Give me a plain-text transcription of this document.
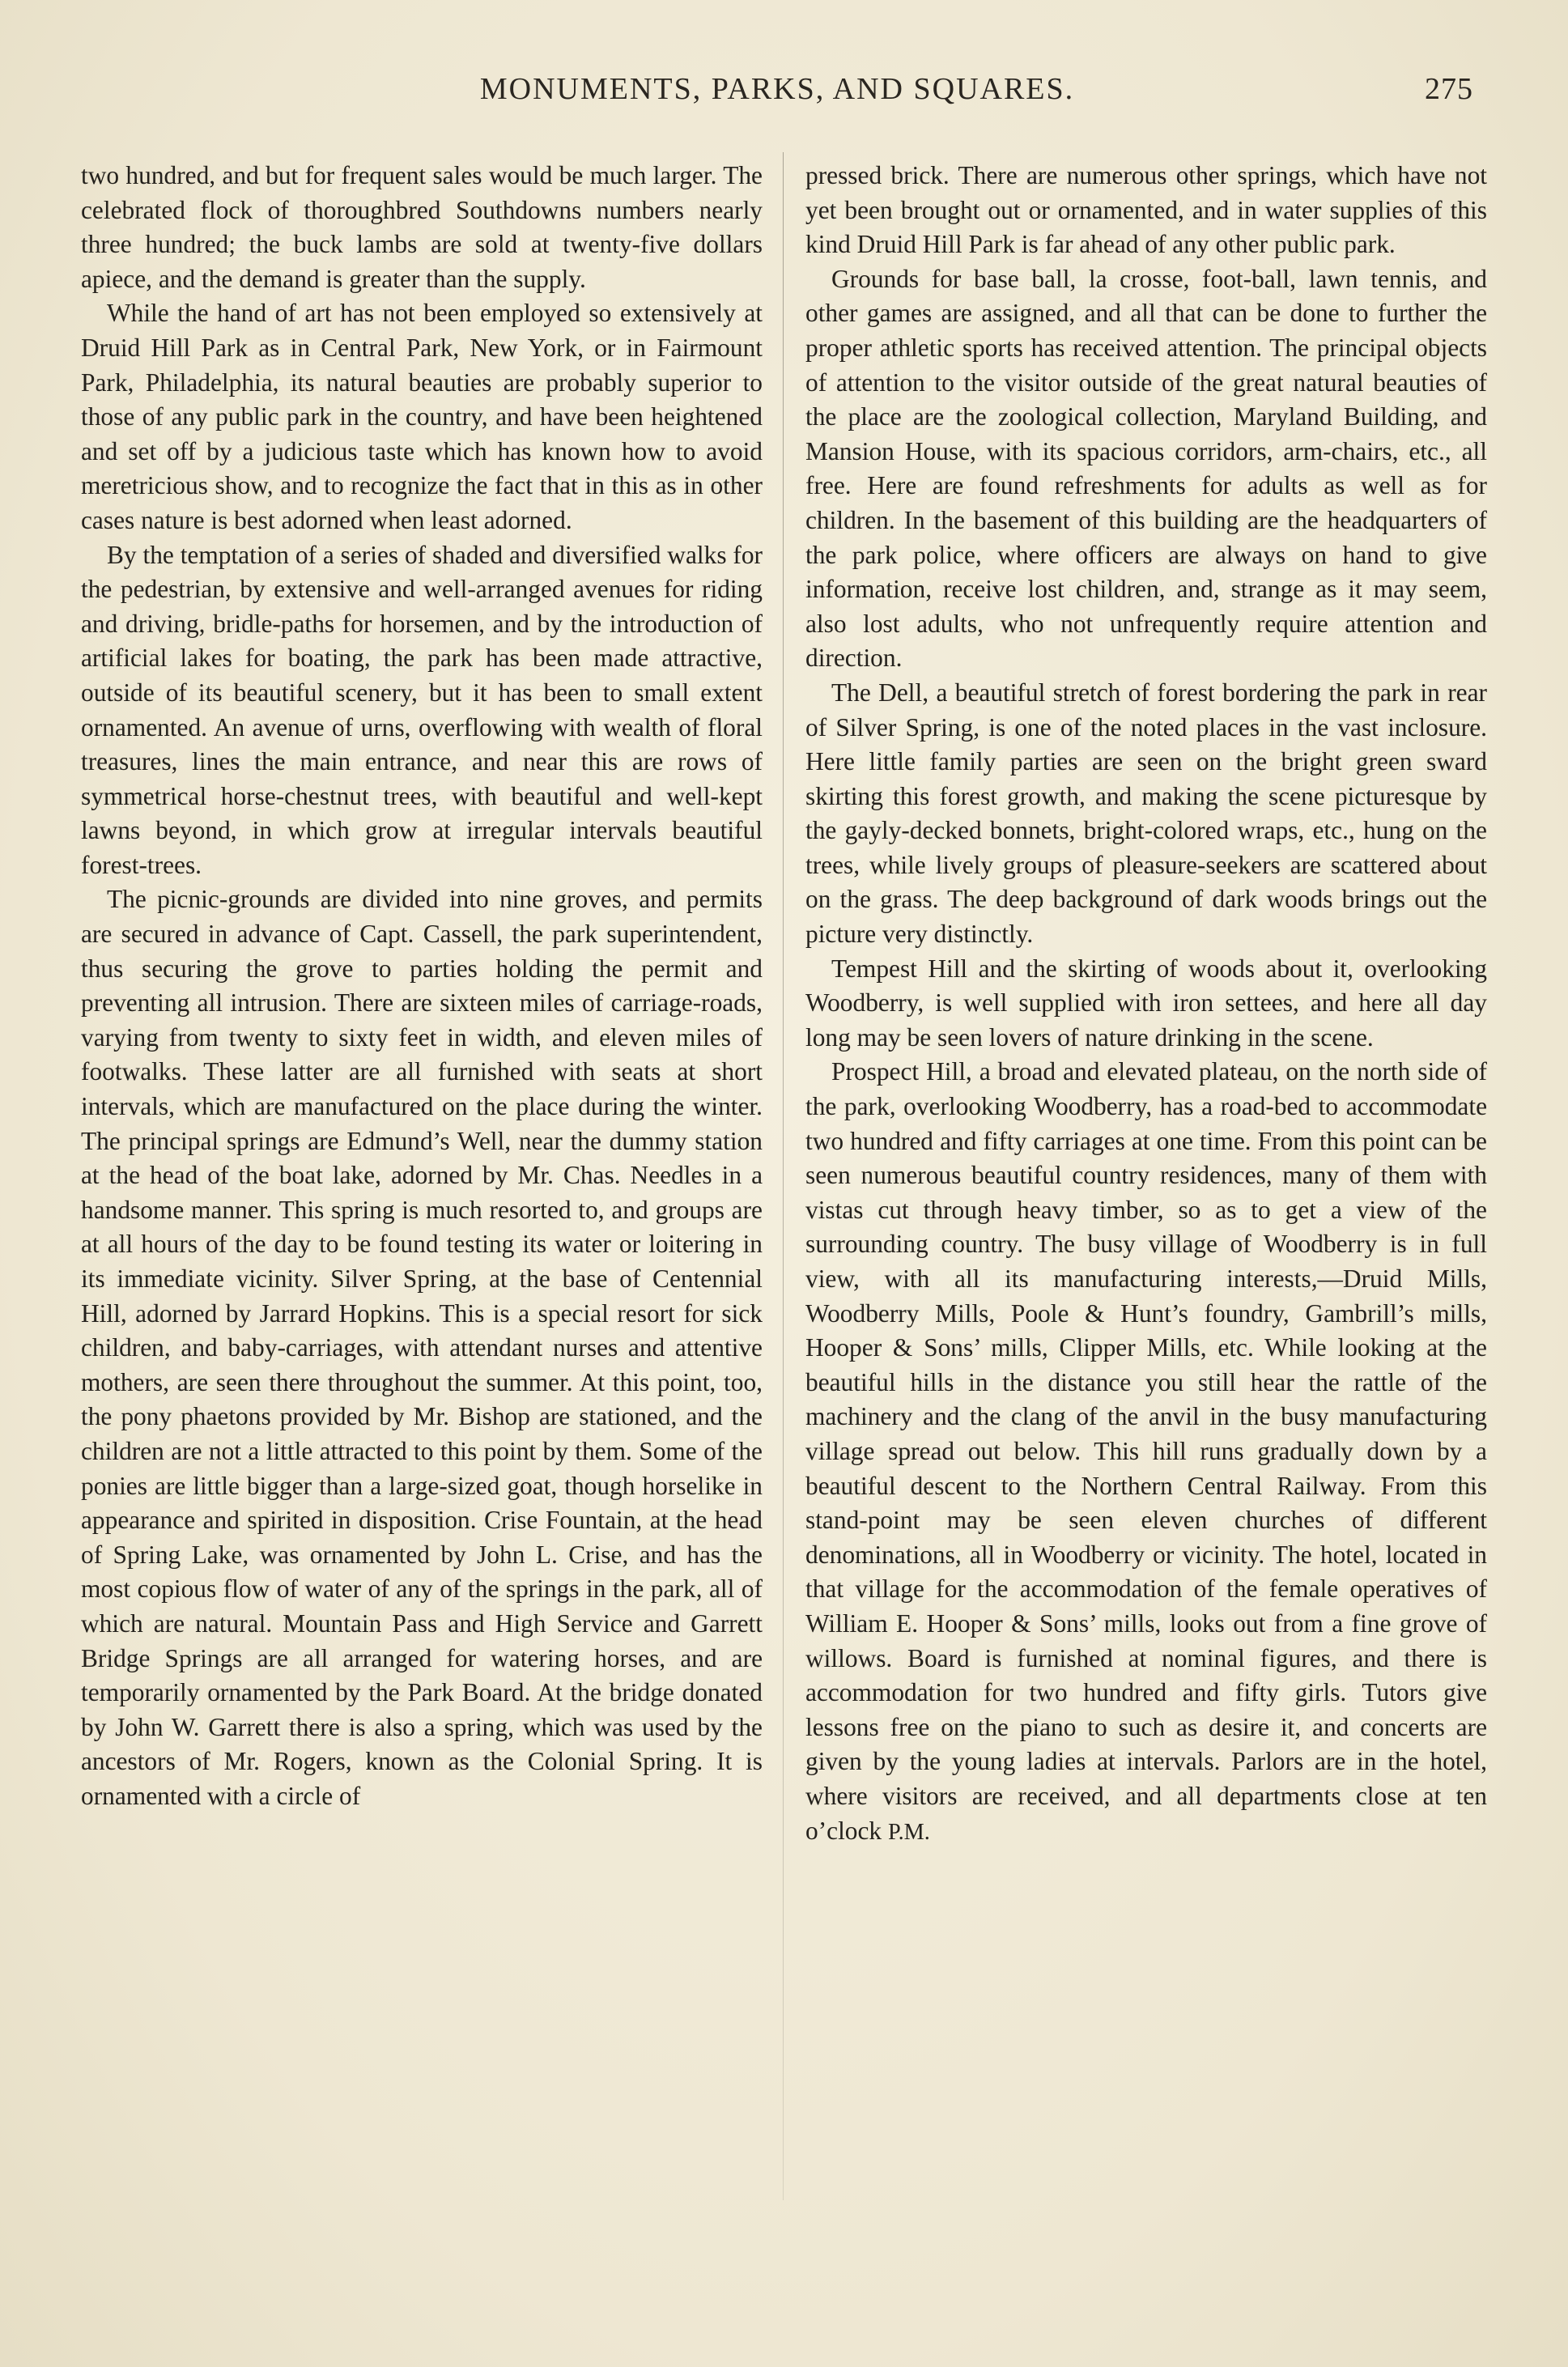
MONUMENTS, PARKS, AND SQUARES.	275

two hundred, and but for frequent sales would be much larger. The celebrated flock of thoroughbred Southdowns numbers nearly three hundred; the buck lambs are sold at twenty-five dollars apiece, and the demand is greater than the supply.

While the hand of art has not been employed so extensively at Druid Hill Park as in Central Park, New York, or in Fairmount Park, Philadelphia, its natural beauties are probably superior to those of any public park in the country, and have been heightened and set off by a judicious taste which has known how to avoid meretricious show, and to recognize the fact that in this as in other cases nature is best adorned when least adorned.

By the temptation of a series of shaded and diversified walks for the pedestrian, by extensive and well-arranged avenues for riding and driving, bridle-paths for horsemen, and by the introduction of artificial lakes for boating, the park has been made attractive, outside of its beautiful scenery, but it has been to small extent ornamented. An avenue of urns, overflowing with wealth of floral treasures, lines the main entrance, and near this are rows of symmetrical horse-chestnut trees, with beautiful and well-kept lawns beyond, in which grow at irregular intervals beautiful forest-trees.

The picnic-grounds are divided into nine groves, and permits are secured in advance of Capt. Cassell, the park superintendent, thus securing the grove to parties holding the permit and preventing all intrusion. There are sixteen miles of carriage-roads, varying from twenty to sixty feet in width, and eleven miles of footwalks. These latter are all furnished with seats at short intervals, which are manufactured on the place during the winter. The principal springs are Edmund’s Well, near the dummy station at the head of the boat lake, adorned by Mr. Chas. Needles in a handsome manner. This spring is much resorted to, and groups are at all hours of the day to be found testing its water or loitering in its immediate vicinity. Silver Spring, at the base of Centennial Hill, adorned by Jarrard Hopkins. This is a special resort for sick children, and baby-carriages, with attendant nurses and attentive mothers, are seen there throughout the summer. At this point, too, the pony phaetons provided by Mr. Bishop are stationed, and the children are not a little attracted to this point by them. Some of the ponies are little bigger than a large-sized goat, though horselike in appearance and spirited in disposition. Crise Fountain, at the head of Spring Lake, was ornamented by John L. Crise, and has the most copious flow of water of any of the springs in the park, all of which are natural. Mountain Pass and High Service and Garrett Bridge Springs are all arranged for watering horses, and are temporarily ornamented by the Park Board. At the bridge donated by John W. Garrett there is also a spring, which was used by the ancestors of Mr. Rogers, known as the Colonial Spring. It is ornamented with a circle of

pressed brick. There are numerous other springs, which have not yet been brought out or ornamented, and in water supplies of this kind Druid Hill Park is far ahead of any other public park.

Grounds for base ball, la crosse, foot-ball, lawn tennis, and other games are assigned, and all that can be done to further the proper athletic sports has received attention. The principal objects of attention to the visitor outside of the great natural beauties of the place are the zoological collection, Maryland Building, and Mansion House, with its spacious corridors, arm-chairs, etc., all free. Here are found refreshments for adults as well as for children. In the basement of this building are the headquarters of the park police, where officers are always on hand to give information, receive lost children, and, strange as it may seem, also lost adults, who not unfrequently require attention and direction.

The Dell, a beautiful stretch of forest bordering the park in rear of Silver Spring, is one of the noted places in the vast inclosure. Here little family parties are seen on the bright green sward skirting this forest growth, and making the scene picturesque by the gayly-decked bonnets, bright-colored wraps, etc., hung on the trees, while lively groups of pleasure-seekers are scattered about on the grass. The deep background of dark woods brings out the picture very distinctly.

Tempest Hill and the skirting of woods about it, overlooking Woodberry, is well supplied with iron settees, and here all day long may be seen lovers of nature drinking in the scene.

Prospect Hill, a broad and elevated plateau, on the north side of the park, overlooking Woodberry, has a road-bed to accommodate two hundred and fifty carriages at one time. From this point can be seen numerous beautiful country residences, many of them with vistas cut through heavy timber, so as to get a view of the surrounding country. The busy village of Woodberry is in full view, with all its manufacturing interests,—Druid Mills, Woodberry Mills, Poole & Hunt’s foundry, Gambrill’s mills, Hooper & Sons’ mills, Clipper Mills, etc. While looking at the beautiful hills in the distance you still hear the rattle of the machinery and the clang of the anvil in the busy manufacturing village spread out below. This hill runs gradually down by a beautiful descent to the Northern Central Railway. From this stand-point may be seen eleven churches of different denominations, all in Woodberry or vicinity. The hotel, located in that village for the accommodation of the female operatives of William E. Hooper & Sons’ mills, looks out from a fine grove of willows. Board is furnished at nominal figures, and there is accommodation for two hundred and fifty girls. Tutors give lessons free on the piano to such as desire it, and concerts are given by the young ladies at intervals. Parlors are in the hotel, where visitors are received, and all departments close at ten o’clock P.M.
